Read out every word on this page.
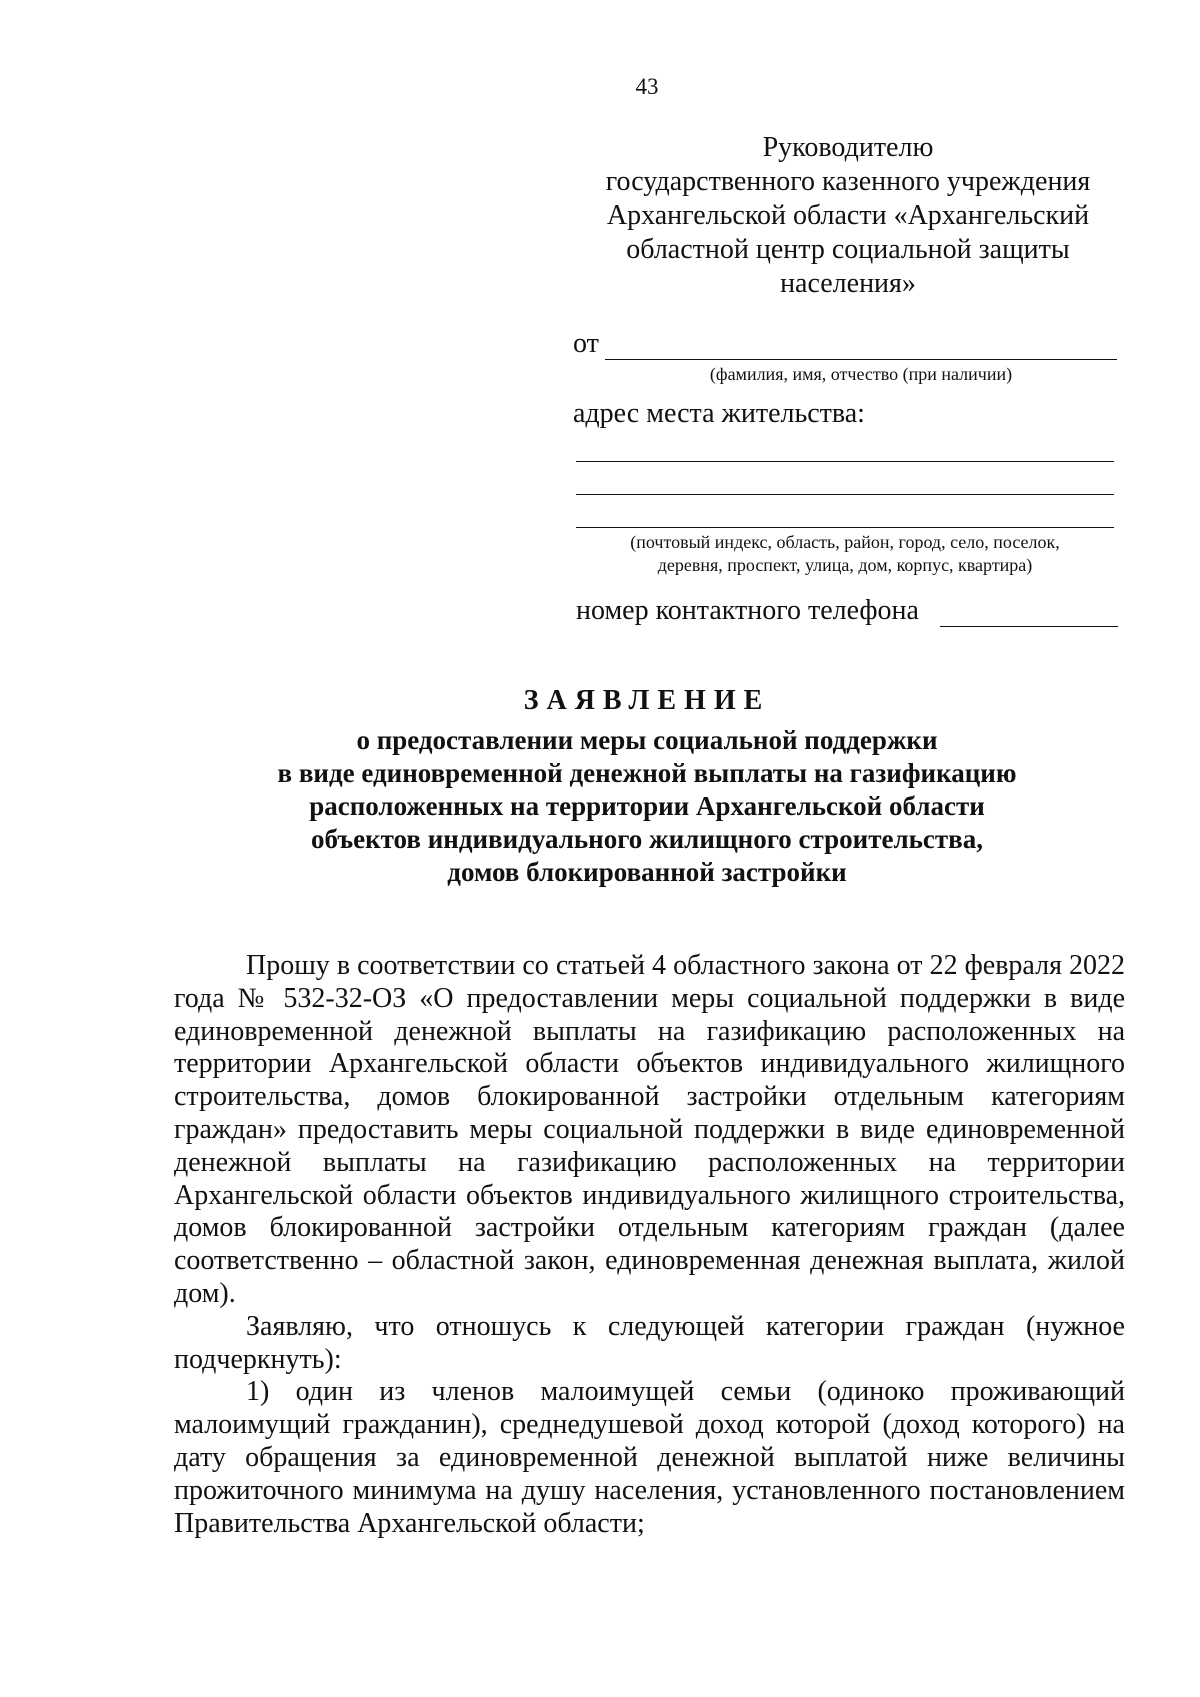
43
Руководителю
государственного казенного учреждения
Архангельской области «Архангельский
областной центр социальной защиты
населения»
от
(фамилия, имя, отчество (при наличии)
адрес места жительства:
(почтовый индекс, область, район, город, село, поселок,
деревня, проспект, улица, дом, корпус, квартира)
номер контактного телефона
ЗАЯВЛЕНИЕ
о предоставлении меры социальной поддержки
в виде единовременной денежной выплаты на газификацию
расположенных на территории Архангельской области
объектов индивидуального жилищного строительства,
домов блокированной застройки

Прошу в соответствии со статьей 4 областного закона от 22 февраля 2022 года № 532-32-ОЗ «О предоставлении меры социальной поддержки в виде единовременной денежной выплаты на газификацию расположенных на территории Архангельской области объектов индивидуального жилищного строительства, домов блокированной застройки отдельным категориям граждан» предоставить меры социальной поддержки в виде единовременной денежной выплаты на газификацию расположенных на территории Архангельской области объектов индивидуального жилищного строительства, домов блокированной застройки отдельным категориям граждан (далее соответственно – областной закон, единовременная денежная выплата, жилой дом).

Заявляю, что отношусь к следующей категории граждан (нужное подчеркнуть):

1) один из членов малоимущей семьи (одиноко проживающий малоимущий гражданин), среднедушевой доход которой (доход которого) на дату обращения за единовременной денежной выплатой ниже величины прожиточного минимума на душу населения, установленного постановлением Правительства Архангельской области;
